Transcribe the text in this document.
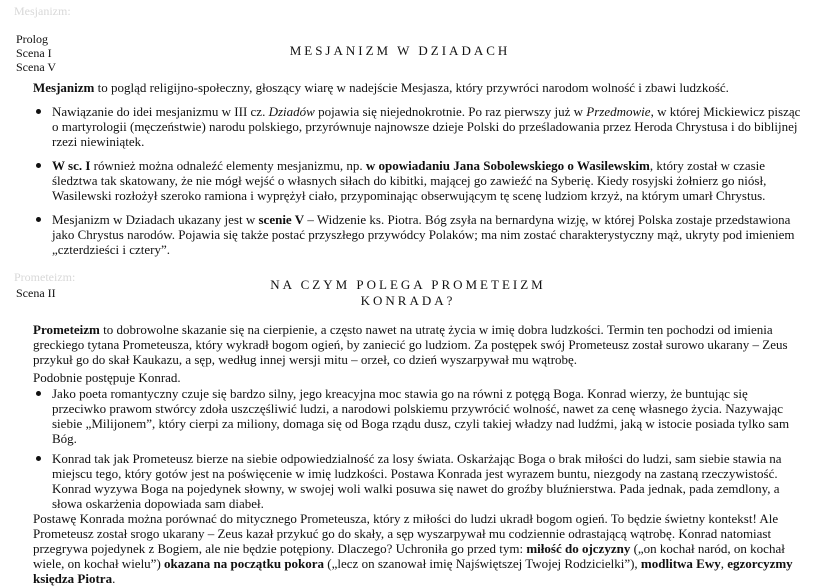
Mesjanizm:
Prolog
Scena I
Scena V
MESJANIZM W DZIADACH

Mesjanizm to pogląd religijno-społeczny, głoszący wiarę w nadejście Mesjasza, który przywróci narodom wolność i zbawi ludzkość.

Nawiązanie do idei mesjanizmu w III cz. Dziadów pojawia się niejednokrotnie. Po raz pierwszy już w Przedmowie, w której Mickiewicz pisząc o martyrologii (męczeństwie) narodu polskiego, przyrównuje najnowsze dzieje Polski do prześladowania przez Heroda Chrystusa i do biblijnej rzezi niewiniątek.
W sc. I również można odnaleźć elementy mesjanizmu, np. w opowiadaniu Jana Sobolewskiego o Wasilewskim, który został w czasie śledztwa tak skatowany, że nie mógł wejść o własnych siłach do kibitki, mającej go zawieźć na Syberię. Kiedy rosyjski żołnierz go niósł, Wasilewski rozłożył szeroko ramiona i wyprężył ciało, przypominając obserwującym tę scenę ludziom krzyż, na którym umarł Chrystus.
Mesjanizm w Dziadach ukazany jest w scenie V – Widzenie ks. Piotra. Bóg zsyła na bernardyna wizję, w której Polska zostaje przedstawiona jako Chrystus narodów. Pojawia się także postać przyszłego przywódcy Polaków; ma nim zostać charakterystyczny mąż, ukryty pod imieniem „czterdzieści i cztery”.
Prometeizm:
Scena II
NA CZYM POLEGA PROMETEIZM
KONRADA?

Prometeizm to dobrowolne skazanie się na cierpienie, a często nawet na utratę życia w imię dobra ludzkości. Termin ten pochodzi od imienia greckiego tytana Prometeusza, który wykradł bogom ogień, by zaniecić go ludziom. Za postępek swój Prometeusz został surowo ukarany – Zeus przykuł go do skał Kaukazu, a sęp, według innej wersji mitu – orzeł, co dzień wyszarpywał mu wątrobę.

Podobnie postępuje Konrad.

Jako poeta romantyczny czuje się bardzo silny, jego kreacyjna moc stawia go na równi z potęgą Boga. Konrad wierzy, że buntując się przeciwko prawom stwórcy zdoła uszczęśliwić ludzi, a narodowi polskiemu przywrócić wolność, nawet za cenę własnego życia. Nazywając siebie „Milijonem”, który cierpi za miliony, domaga się od Boga rządu dusz, czyli takiej władzy nad ludźmi, jaką w istocie posiada tylko sam Bóg.
Konrad tak jak Prometeusz bierze na siebie odpowiedzialność za losy świata. Oskarżając Boga o brak miłości do ludzi, sam siebie stawia na miejscu tego, który gotów jest na poświęcenie w imię ludzkości. Postawa Konrada jest wyrazem buntu, niezgody na zastaną rzeczywistość. Konrad wyzywa Boga na pojedynek słowny, w swojej woli walki posuwa się nawet do groźby bluźnierstwa. Pada jednak, pada zemdlony, a słowa oskarżenia dopowiada sam diabeł.

Postawę Konrada można porównać do mitycznego Prometeusza, który z miłości do ludzi ukradł bogom ogień. To będzie świetny kontekst! Ale Prometeusz został srogo ukarany – Zeus kazał przykuć go do skały, a sęp wyszarpywał mu codziennie odrastającą wątrobę. Konrad natomiast przegrywa pojedynek z Bogiem, ale nie będzie potępiony. Dlaczego? Uchroniła go przed tym: miłość do ojczyzny („on kochał naród, on kochał wiele, on kochał wielu”) okazana na początku pokora („lecz on szanował imię Najświętszej Twojej Rodzicielki”), modlitwa Ewy, egzorcyzmy księdza Piotra.
